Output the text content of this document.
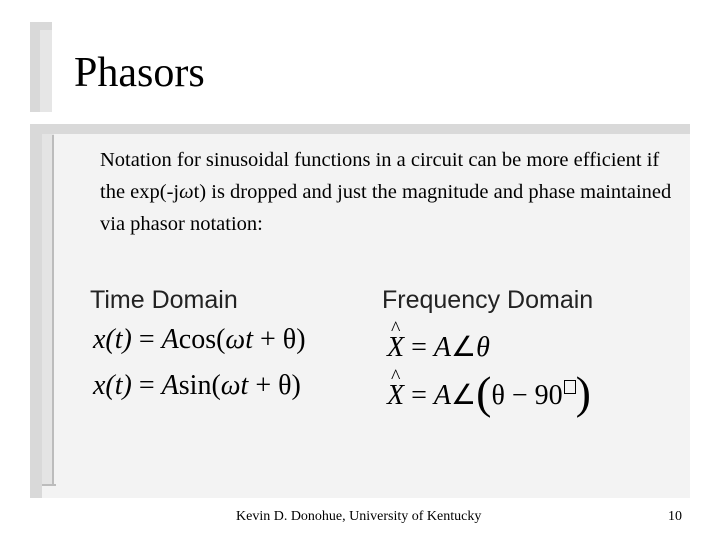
Phasors
Notation for sinusoidal functions in a circuit can be more efficient if the exp(-jωt) is dropped and just the magnitude and phase maintained via phasor notation:
Time Domain	Frequency Domain
x(t) = Acos(ωt + θ)
x(t) = Asin(ωt + θ)
^ X = A∠θ
^ X = A∠(θ − 90 )
Kevin D. Donohue, University of Kentucky	10
